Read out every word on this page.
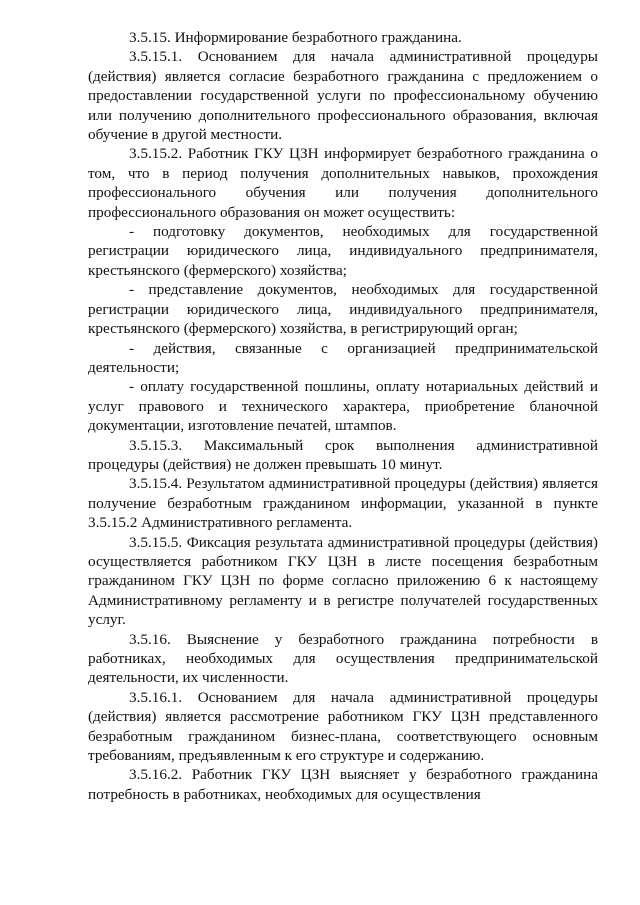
3.5.15. Информирование безработного гражданина.

3.5.15.1. Основанием для начала административной процедуры (действия) является согласие безработного гражданина с предложением о предоставлении государственной услуги по профессиональному обучению или получению дополнительного профессионального образования, включая обучение в другой местности.

3.5.15.2. Работник ГКУ ЦЗН информирует безработного гражданина о том, что в период получения дополнительных навыков, прохождения профессионального обучения или получения дополнительного профессионального образования он может осуществить:

- подготовку документов, необходимых для государственной регистрации юридического лица, индивидуального предпринимателя, крестьянского (фермерского) хозяйства;

- представление документов, необходимых для государственной регистрации юридического лица, индивидуального предпринимателя, крестьянского (фермерского) хозяйства, в регистрирующий орган;

- действия, связанные с организацией предпринимательской деятельности;

- оплату государственной пошлины, оплату нотариальных действий и услуг правового и технического характера, приобретение бланочной документации, изготовление печатей, штампов.

3.5.15.3. Максимальный срок выполнения административной процедуры (действия) не должен превышать 10 минут.

3.5.15.4. Результатом административной процедуры (действия) является получение безработным гражданином информации, указанной в пункте 3.5.15.2 Административного регламента.

3.5.15.5. Фиксация результата административной процедуры (действия) осуществляется работником ГКУ ЦЗН в листе посещения безработным гражданином ГКУ ЦЗН по форме согласно приложению 6 к настоящему Административному регламенту и в регистре получателей государственных услуг.

3.5.16. Выяснение у безработного гражданина потребности в работниках, необходимых для осуществления предпринимательской деятельности, их численности.

3.5.16.1. Основанием для начала административной процедуры (действия) является рассмотрение работником ГКУ ЦЗН представленного безработным гражданином бизнес-плана, соответствующего основным требованиям, предъявленным к его структуре и содержанию.

3.5.16.2. Работник ГКУ ЦЗН выясняет у безработного гражданина потребность в работниках, необходимых для осуществления
